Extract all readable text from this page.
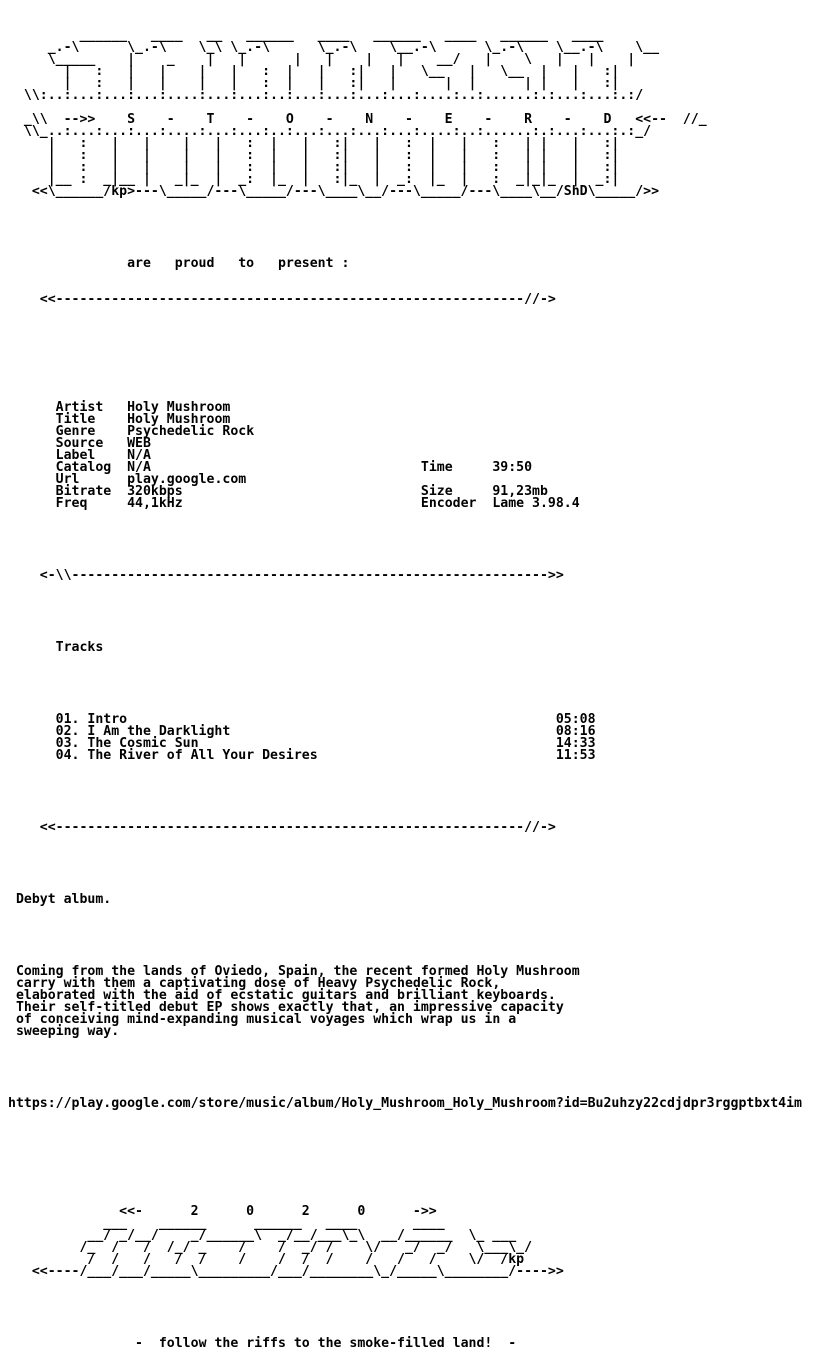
______   ____   __   ______   ____   ______   ____   ______   ____
_.-\      \_.-\    \_\ \_.-\      \_.-\    \__.-\      \_.-\    \__.-\    \__
\_____    |    _    |   |      |   |    |   |    __/   |    \   |   |    |
|   :   |   |    |   |   :  |   |   :|   |   \__   |   \__  |   |   :|
|   :   |   |    |   |   :  |   |   :|   |      |  |      | |   |   :|
\\:..:...:...:...:....:...:...:..:...:...:...:...:....:..:......:.:...:...:.:/
_\\  -->>    S    -    T    -    O    -    N    -    E    -    R    -    D   <<--  //_
\\_..:...:...:...:....:...:...:..:...:...:...:...:....:..:......:.:...:...:.:_/
|   :   |   |    |   |   :  |   |   :|   |   :  |   |   :   | |   |   :|
|   :   |   |    |   |   :  |   |   :|   |   :  |   |   :   | |   |   :|
|   :   |   |    |   |   :  |   |   :|   |   :  |   |   :   | |   |   :|
|__ :  _|__ |   _|_  |  _:  |_  |   :|_  |  _:  |_  |   :  _|_|_  |  _:|
<<\______/kp>---\_____/---\_____/---\____\__/---\_____/---\____\__/ShD\_____/>>

are   proud   to   present :

<<-----------------------------------------------------------//->

Artist Holy Mushroom
Title Holy Mushroom
Genre Psychedelic Rock
Source WEB
Label N/A
Catalog N/A	Time	39:50
Url	play.google.com
Bitrate 320kbps	Size	91,23mb
Freq	44,1kHz	Encoder Lame 3.98.4

<-\\------------------------------------------------------------>>

Tracks

01. Intro	05:08
02. I Am the Darklight	08:16
03. The Cosmic Sun	14:33
04. The River of All Your Desires	11:53

<<-----------------------------------------------------------//->

Debyt album.

Coming from the lands of Oviedo, Spain, the recent formed Holy Mushroom
carry with them a captivating dose of Heavy Psychedelic Rock,
elaborated with the aid of ecstatic guitars and brilliant keyboards.
Their self-titled debut EP shows exactly that, an impressive capacity
of conceiving mind-expanding musical voyages which wrap us in a
sweeping way.

https://play.google.com/store/music/album/Holy_Mushroom_Holy_Mushroom?id=Bu2uhzy22cdjdpr3rggptbxt4im

<<-      2      0      2      0      ->>
___    ______      ______   ____       ____
__/ _/__/    _/______\  _/__/___\_\  __/______  \_ ___
/_  /   /  /_/ _    /    /  _/ /    \/   _/  _/   \___\_/
/  /   /   /  /    /    /  /  /    /   /   /    \/  /kp
<<----/___/___/_____\_________/___/________\_/_____\________/---->>

-  follow the riffs to the smoke-filled land!  -
